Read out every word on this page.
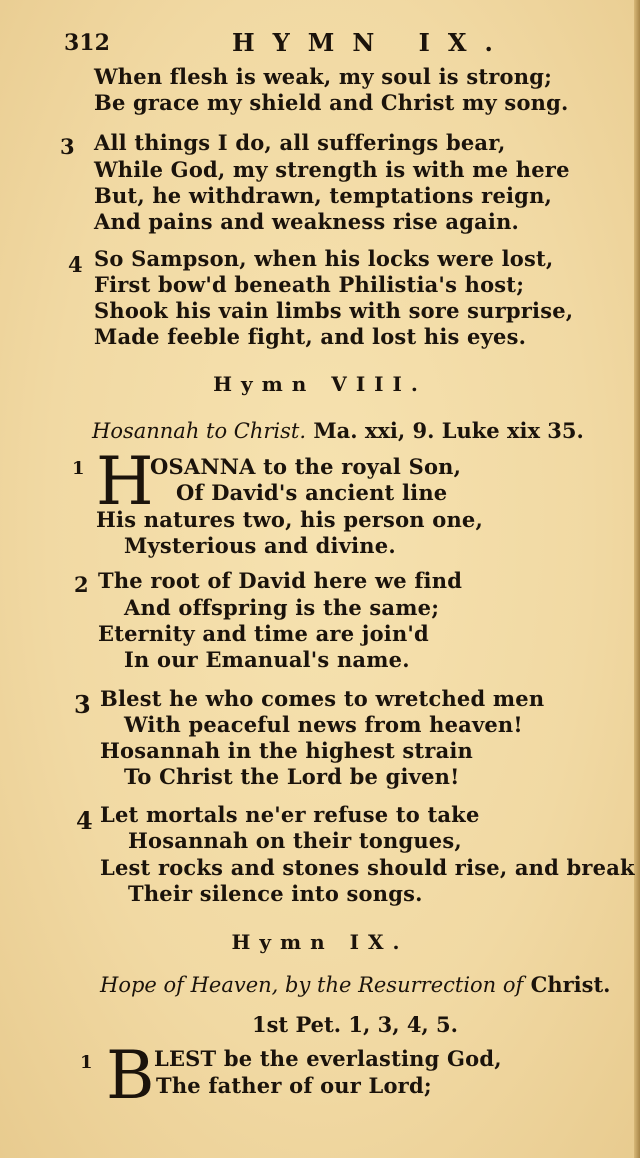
312	HYMN IX.
When flesh is weak, my soul is strong;
Be grace my shield and Christ my song.
3 All things I do, all sufferings bear,
While God, my strength is with me here
But, he withdrawn, temptations reign,
And pains and weakness rise again.
4 So Sampson, when his locks were lost,
First bow'd beneath Philistia's host;
Shook his vain limbs with sore surprise,
Made feeble fight, and lost his eyes.
Hymn VIII.
Hosannah to Christ. Ma. xxi, 9. Luke xix 35.
1 H
OSANNA to the royal Son,
Of David's ancient line
His natures two, his person one,
Mysterious and divine.
2 The root of David here we find
And offspring is the same;
Eternity and time are join'd
In our Emanual's name.
3 Blest he who comes to wretched men
With peaceful news from heaven!
Hosannah in the highest strain
To Christ the Lord be given!
4 Let mortals ne'er refuse to take
Hosannah on their tongues,
Lest rocks and stones should rise, and break
Their silence into songs.
Hymn IX.
Hope of Heaven, by the Resurrection of Christ.
1st Pet. 1, 3, 4, 5.
1 B LEST be the everlasting God,
The father of our Lord;
